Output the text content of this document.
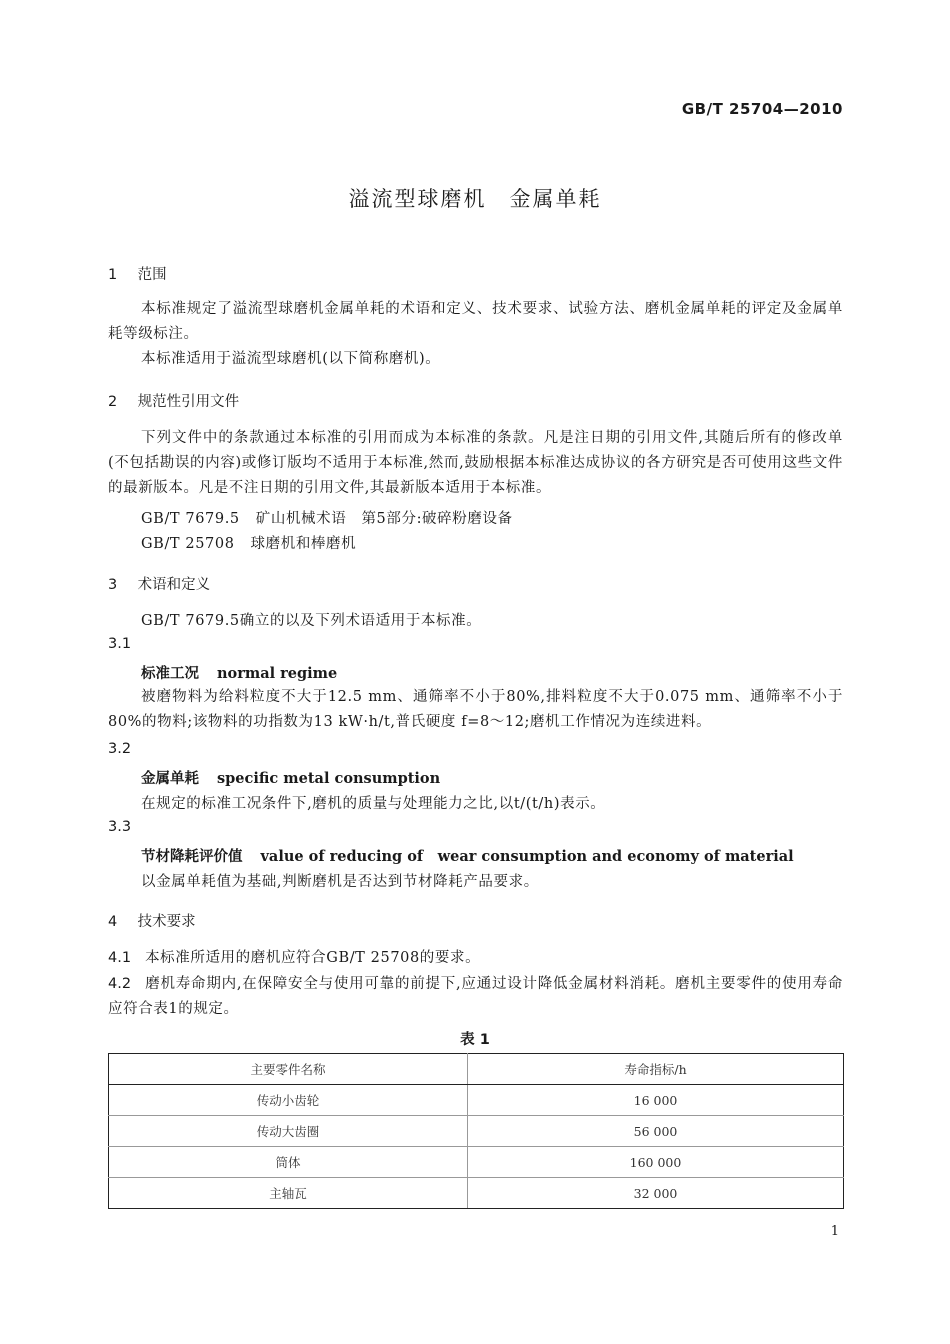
GB/T 25704—2010
溢流型球磨机　金属单耗
1 范围
本标准规定了溢流型球磨机金属单耗的术语和定义、技术要求、试验方法、磨机金属单耗的评定及金属单耗等级标注。
本标准适用于溢流型球磨机(以下简称磨机)。
2 规范性引用文件
下列文件中的条款通过本标准的引用而成为本标准的条款。凡是注日期的引用文件,其随后所有的修改单(不包括勘误的内容)或修订版均不适用于本标准,然而,鼓励根据本标准达成协议的各方研究是否可使用这些文件的最新版本。凡是不注日期的引用文件,其最新版本适用于本标准。
GB/T 7679.5 矿山机械术语　第5部分:破碎粉磨设备
GB/T 25708 球磨机和棒磨机
3 术语和定义
GB/T 7679.5确立的以及下列术语适用于本标准。
3.1
标准工况 normal regime
被磨物料为给料粒度不大于12.5 mm、通筛率不小于80%,排料粒度不大于0.075 mm、通筛率不小于80%的物料;该物料的功指数为13 kW·h/t,普氏硬度 f=8～12;磨机工作情况为连续进料。
3.2
金属单耗 specific metal consumption
在规定的标准工况条件下,磨机的质量与处理能力之比,以t/(t/h)表示。
3.3
节材降耗评价值 value of reducing of　wear consumption and economy of material
以金属单耗值为基础,判断磨机是否达到节材降耗产品要求。
4 技术要求
4.1 本标准所适用的磨机应符合GB/T 25708的要求。
4.2 磨机寿命期内,在保障安全与使用可靠的前提下,应通过设计降低金属材料消耗。磨机主要零件的使用寿命应符合表1的规定。
表 1
主要零件名称	寿命指标/h
传动小齿轮	16 000
传动大齿圈	56 000
筒体	160 000
主轴瓦	32 000
1
